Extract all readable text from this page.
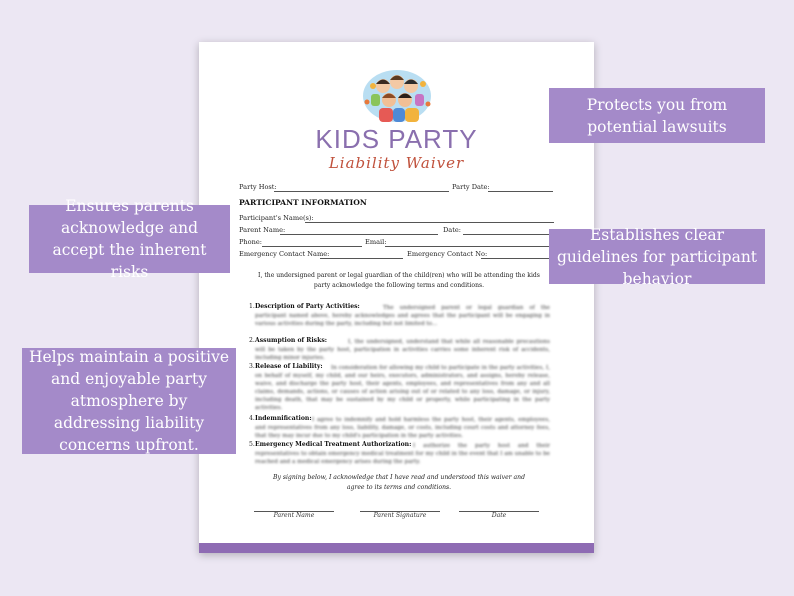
KIDS PARTY
Liability Waiver
Party Host:	Party Date:
PARTICIPANT INFORMATION
Participant's Name(s):
Parent Name:	Date:
Phone:	Email:
Emergency Contact Name:	Emergency Contact No:
I, the undersigned parent or legal guardian of the child(ren) who will be attending the kids party acknowledge the following terms and conditions.
1. Description of Party Activities:	The undersigned parent or legal guardian of the participant named above, hereby acknowledges and agrees that the participant will be engaging in various activities during the party, including but not limited to...
2. Assumption of Risks:	I, the undersigned, understand that while all reasonable precautions will be taken by the party host, participation in activities carries some inherent risk of accidents, including minor injuries.
3. Release of Liability:	In consideration for allowing my child to participate in the party activities, I, on behalf of myself, my child, and our heirs, executors, administrators, and assigns, hereby release, waive, and discharge the party host, their agents, employees, and representatives from any and all claims, demands, actions, or causes of action arising out of or related to any loss, damage, or injury, including death, that may be sustained by my child or property, while participating in the party activities.
4. Indemnification: I agree to indemnify and hold harmless the party host, their agents, employees, and representatives from any loss, liability, damage, or costs, including court costs and attorney fees, that they may incur due to my child's participation in the party activities.
5. Emergency Medical Treatment Authorization: I authorize the party host and their representatives to obtain emergency medical treatment for my child in the event that I am unable to be reached and a medical emergency arises during the party.
By signing below, I acknowledge that I have read and understood this waiver and agree to its terms and conditions.
Parent Name	Parent Signature	Date
Protects you from potential lawsuits
Ensures parents acknowledge and accept the inherent risks
Establishes clear guidelines for participant behavior
Helps maintain a positive and enjoyable party atmosphere by addressing liability concerns upfront.
